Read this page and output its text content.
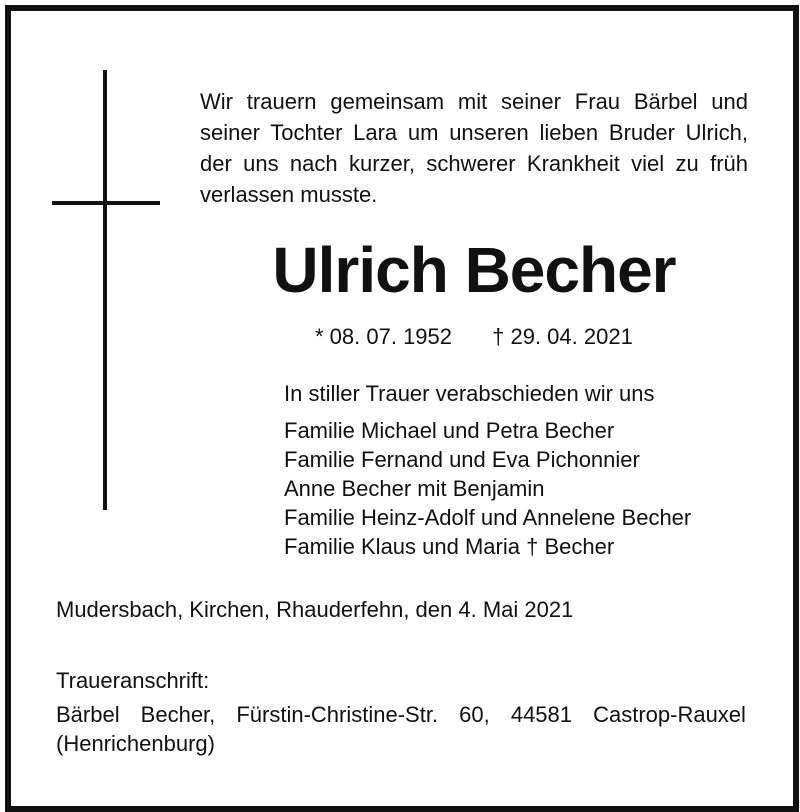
Wir trauern gemeinsam mit seiner Frau Bärbel und seiner Tochter Lara um unseren lieben Bruder Ulrich, der uns nach kurzer, schwerer Krankheit viel zu früh verlassen musste.

Ulrich Becher
* 08. 07. 1952 † 29. 04. 2021

In stiller Trauer verabschieden wir uns

Familie Michael und Petra Becher
Familie Fernand und Eva Pichonnier
Anne Becher mit Benjamin
Familie Heinz-Adolf und Annelene Becher
Familie Klaus und Maria † Becher
Mudersbach, Kirchen, Rhauderfehn, den 4. Mai 2021

Traueranschrift:

Bärbel Becher, Fürstin-Christine-Str. 60, 44581 Castrop-Rauxel
(Henrichenburg)
